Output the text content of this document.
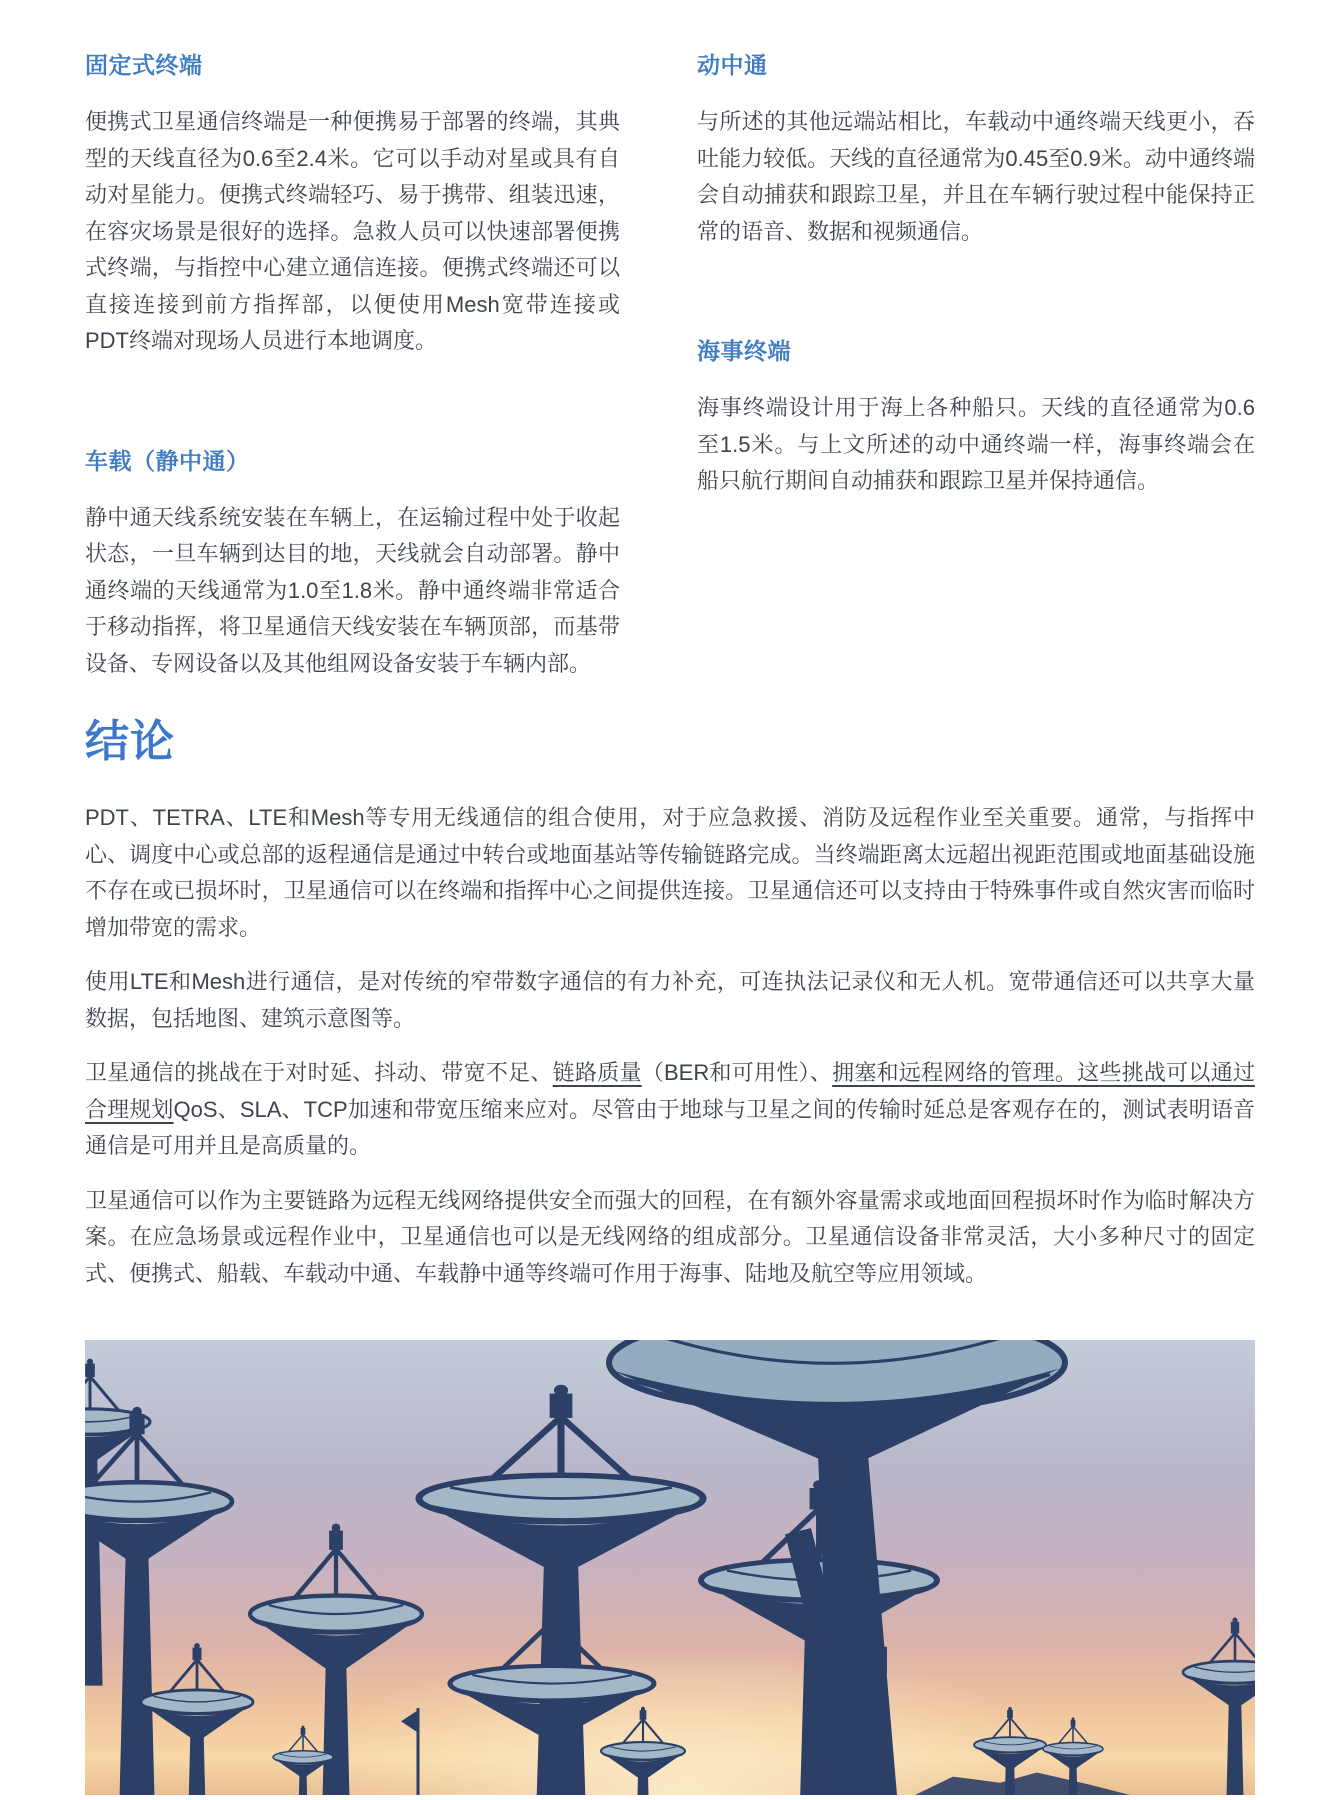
固定式终端

便携式卫星通信终端是一种便携易于部署的终端，其典型的天线直径为0.6至2.4米。它可以手动对星或具有自动对星能力。便携式终端轻巧、易于携带、组装迅速，在容灾场景是很好的选择。急救人员可以快速部署便携式终端，与指控中心建立通信连接。便携式终端还可以直接连接到前方指挥部，以便使用Mesh宽带连接或PDT终端对现场人员进行本地调度。

车载（静中通）

静中通天线系统安装在车辆上，在运输过程中处于收起状态，一旦车辆到达目的地，天线就会自动部署。静中通终端的天线通常为1.0至1.8米。静中通终端非常适合于移动指挥，将卫星通信天线安装在车辆顶部，而基带设备、专网设备以及其他组网设备安装于车辆内部。

动中通

与所述的其他远端站相比，车载动中通终端天线更小，吞吐能力较低。天线的直径通常为0.45至0.9米。动中通终端会自动捕获和跟踪卫星，并且在车辆行驶过程中能保持正常的语音、数据和视频通信。

海事终端

海事终端设计用于海上各种船只。天线的直径通常为0.6至1.5米。与上文所述的动中通终端一样，海事终端会在船只航行期间自动捕获和跟踪卫星并保持通信。

结论

PDT、TETRA、LTE和Mesh等专用无线通信的组合使用，对于应急救援、消防及远程作业至关重要。通常，与指挥中心、调度中心或总部的返程通信是通过中转台或地面基站等传输链路完成。当终端距离太远超出视距范围或地面基础设施不存在或已损坏时，卫星通信可以在终端和指挥中心之间提供连接。卫星通信还可以支持由于特殊事件或自然灾害而临时增加带宽的需求。

使用LTE和Mesh进行通信，是对传统的窄带数字通信的有力补充，可连执法记录仪和无人机。宽带通信还可以共享大量数据，包括地图、建筑示意图等。

卫星通信的挑战在于对时延、抖动、带宽不足、链路质量（BER和可用性）、拥塞和远程网络的管理。这些挑战可以通过合理规划QoS、SLA、TCP加速和带宽压缩来应对。尽管由于地球与卫星之间的传输时延总是客观存在的，测试表明语音通信是可用并且是高质量的。

卫星通信可以作为主要链路为远程无线网络提供安全而强大的回程，在有额外容量需求或地面回程损坏时作为临时解决方案。在应急场景或远程作业中，卫星通信也可以是无线网络的组成部分。卫星通信设备非常灵活，大小多种尺寸的固定式、便携式、船载、车载动中通、车载静中通等终端可作用于海事、陆地及航空等应用领域。
